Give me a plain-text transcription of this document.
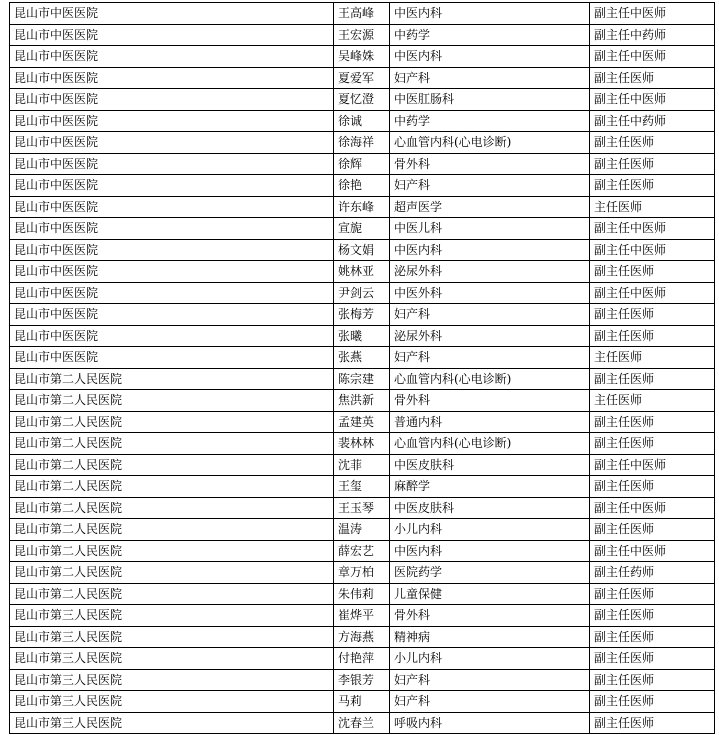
昆山市中医医院	王高峰	中医内科	副主任中医师
昆山市中医医院	王宏源	中药学	副主任中药师
昆山市中医医院	吴峰姝	中医内科	副主任中医师
昆山市中医医院	夏爱军	妇产科	副主任医师
昆山市中医医院	夏忆澄	中医肛肠科	副主任中医师
昆山市中医医院	徐诚	中药学	副主任中药师
昆山市中医医院	徐海祥	心血管内科(心电诊断)	副主任医师
昆山市中医医院	徐辉	骨外科	副主任医师
昆山市中医医院	徐艳	妇产科	副主任医师
昆山市中医医院	许东峰	超声医学	主任医师
昆山市中医医院	宣旎	中医儿科	副主任中医师
昆山市中医医院	杨文娟	中医内科	副主任中医师
昆山市中医医院	姚林亚	泌尿外科	副主任医师
昆山市中医医院	尹剑云	中医外科	副主任中医师
昆山市中医医院	张梅芳	妇产科	副主任医师
昆山市中医医院	张曦	泌尿外科	副主任医师
昆山市中医医院	张燕	妇产科	主任医师
昆山市第二人民医院	陈宗建	心血管内科(心电诊断)	副主任医师
昆山市第二人民医院	焦洪新	骨外科	主任医师
昆山市第二人民医院	孟建英	普通内科	副主任医师
昆山市第二人民医院	裴林林	心血管内科(心电诊断)	副主任医师
昆山市第二人民医院	沈菲	中医皮肤科	副主任中医师
昆山市第二人民医院	王玺	麻醉学	副主任医师
昆山市第二人民医院	王玉琴	中医皮肤科	副主任中医师
昆山市第二人民医院	温涛	小儿内科	副主任医师
昆山市第二人民医院	薛宏艺	中医内科	副主任中医师
昆山市第二人民医院	章万柏	医院药学	副主任药师
昆山市第二人民医院	朱伟莉	儿童保健	副主任医师
昆山市第三人民医院	崔烨平	骨外科	副主任医师
昆山市第三人民医院	方海燕	精神病	副主任医师
昆山市第三人民医院	付艳萍	小儿内科	副主任医师
昆山市第三人民医院	李银芳	妇产科	副主任医师
昆山市第三人民医院	马莉	妇产科	副主任医师
昆山市第三人民医院	沈春兰	呼吸内科	副主任医师
